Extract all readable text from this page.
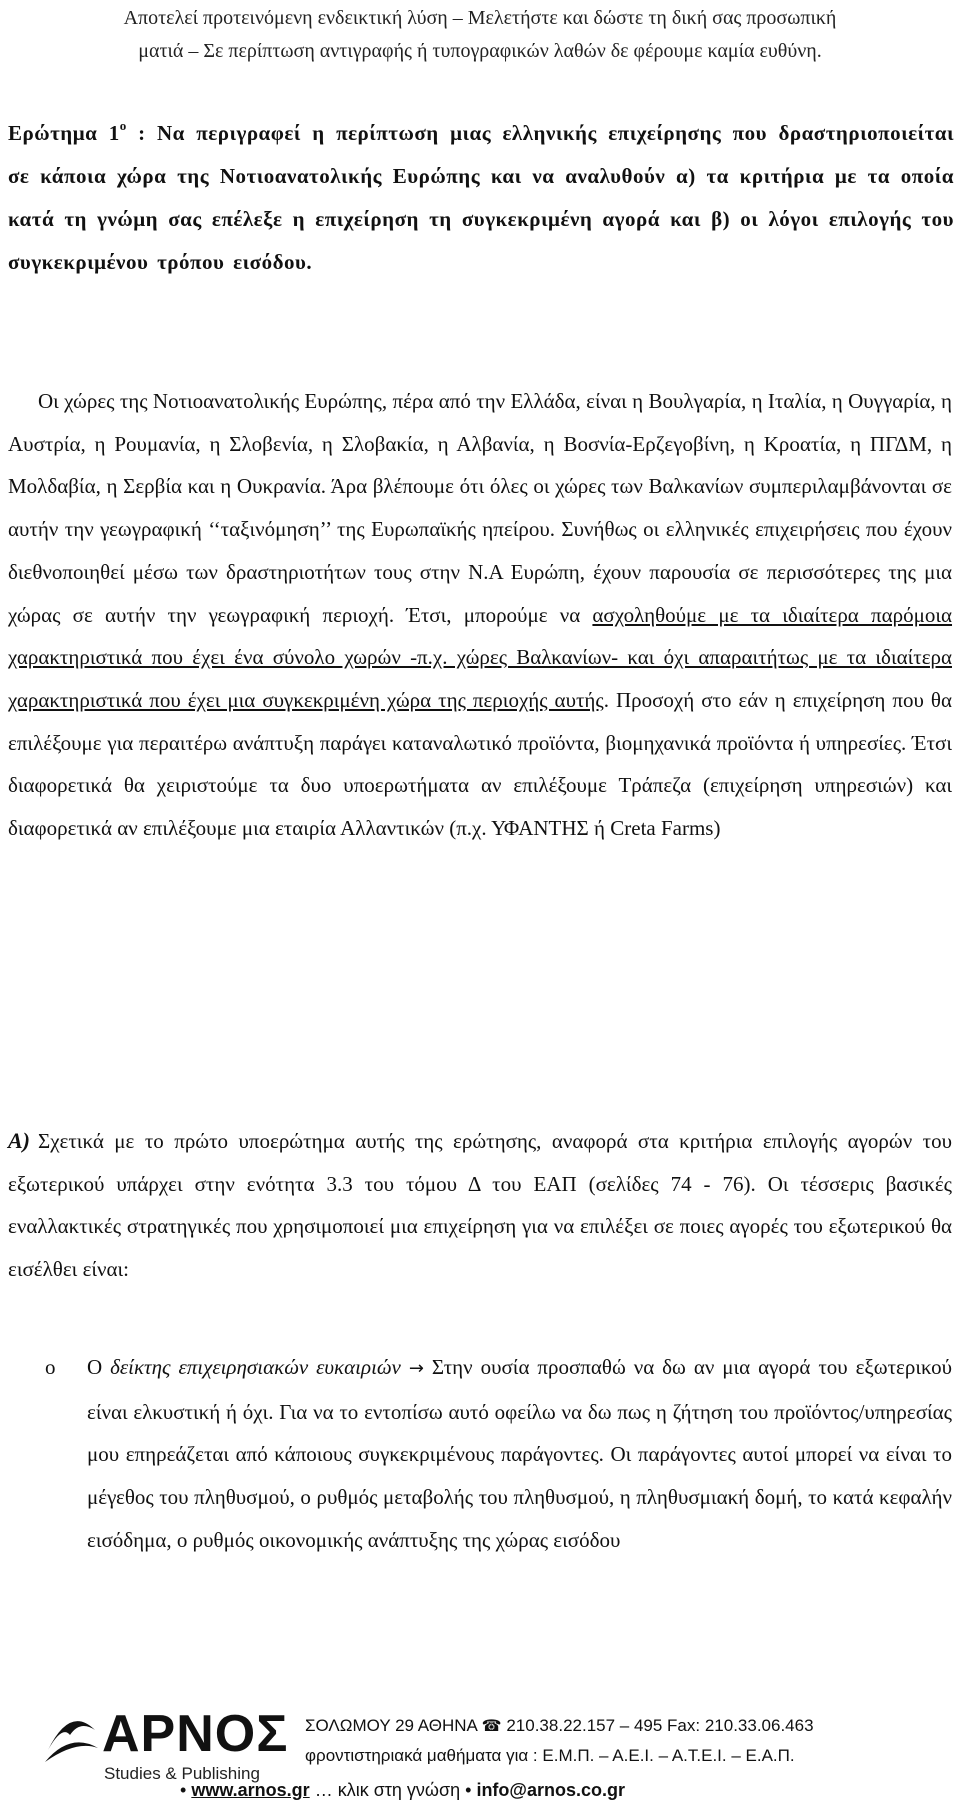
Αποτελεί προτεινόμενη ενδεικτική λύση – Μελετήστε και δώστε τη δική σας προσωπική
ματιά – Σε περίπτωση αντιγραφής ή τυπογραφικών λαθών δε φέρουμε καμία ευθύνη.
Ερώτημα $1^o$ : Να περιγραφεί η περίπτωση μιας ελληνικής επιχείρησης που δραστηριοποιείται σε κάποια χώρα της Νοτιοανατολικής Ευρώπης και να αναλυθούν α) τα κριτήρια με τα οποία κατά τη γνώμη σας επέλεξε η επιχείρηση τη συγκεκριμένη αγορά και β) οι λόγοι επιλογής του συγκεκριμένου τρόπου εισόδου.
Οι χώρες της Νοτιοανατολικής Ευρώπης, πέρα από την Ελλάδα, είναι η Βουλγαρία, η Ιταλία, η Ουγγαρία, η Αυστρία, η Ρουμανία, η Σλοβενία, η Σλοβακία, η Αλβανία, η Βοσνία-Ερζεγοβίνη, η Κροατία, η ΠΓΔΜ, η Μολδαβία, η Σερβία και η Ουκρανία. Άρα βλέπουμε ότι όλες οι χώρες των Βαλκανίων συμπεριλαμβάνονται σε αυτήν την γεωγραφική ‘‘ταξινόμηση’’ της Ευρωπαϊκής ηπείρου. Συνήθως οι ελληνικές επιχειρήσεις που έχουν διεθνοποιηθεί μέσω των δραστηριοτήτων τους στην Ν.Α Ευρώπη, έχουν παρουσία σε περισσότερες της μια χώρας σε αυτήν την γεωγραφική περιοχή. Έτσι, μπορούμε να ασχοληθούμε με τα ιδιαίτερα παρόμοια χαρακτηριστικά που έχει ένα σύνολο χωρών -π.χ. χώρες Βαλκανίων- και όχι απαραιτήτως με τα ιδιαίτερα χαρακτηριστικά που έχει μια συγκεκριμένη χώρα της περιοχής αυτής. Προσοχή στο εάν η επιχείρηση που θα επιλέξουμε για περαιτέρω ανάπτυξη παράγει καταναλωτικό προϊόντα, βιομηχανικά προϊόντα ή υπηρεσίες. Έτσι διαφορετικά θα χειριστούμε τα δυο υποερωτήματα αν επιλέξουμε Τράπεζα (επιχείρηση υπηρεσιών) και διαφορετικά αν επιλέξουμε μια εταιρία Αλλαντικών (π.χ. ΥΦΑΝΤΗΣ ή Creta Farms)
Α) Σχετικά με το πρώτο υποερώτημα αυτής της ερώτησης, αναφορά στα κριτήρια επιλογής αγορών του εξωτερικού υπάρχει στην ενότητα 3.3 του τόμου Δ του ΕΑΠ (σελίδες 74 - 76). Οι τέσσερις βασικές εναλλακτικές στρατηγικές που χρησιμοποιεί μια επιχείρηση για να επιλέξει σε ποιες αγορές του εξωτερικού θα εισέλθει είναι:
o Ο δείκτης επιχειρησιακών ευκαιριών → Στην ουσία προσπαθώ να δω αν μια αγορά του εξωτερικού είναι ελκυστική ή όχι. Για να το εντοπίσω αυτό οφείλω να δω πως η ζήτηση του προϊόντος/υπηρεσίας μου επηρεάζεται από κάποιους συγκεκριμένους παράγοντες. Οι παράγοντες αυτοί μπορεί να είναι το μέγεθος του πληθυσμού, ο ρυθμός μεταβολής του πληθυσμού, η πληθυσμιακή δομή, το κατά κεφαλήν εισόδημα, ο ρυθμός οικονομικής ανάπτυξης της χώρας εισόδου
ΑΡΝΟΣ
Studies & Publishing
ΣΟΛΩΜΟΥ 29 ΑΘΗΝΑ ☎ 210.38.22.157 – 495 Fax: 210.33.06.463
φροντιστηριακά μαθήματα για : Ε.Μ.Π. – Α.Ε.Ι. – Α.Τ.Ε.Ι. – Ε.Α.Π.
• www.arnos.gr … κλικ στη γνώση • info@arnos.co.gr
